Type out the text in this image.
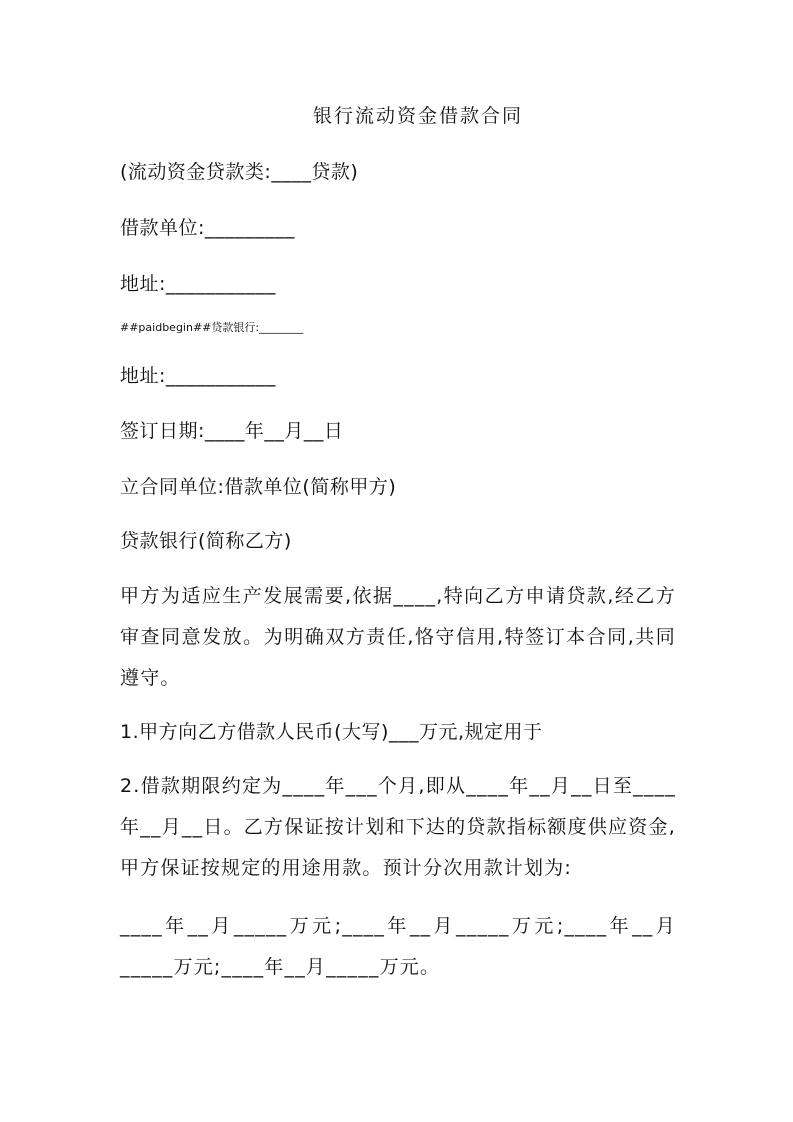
银行流动资金借款合同
(流动资金贷款类:____贷款)
借款单位:_________
地址:___________
##paidbegin##贷款银行:________
地址:___________
签订日期:____年__月__日
立合同单位:借款单位(简称甲方)
贷款银行(简称乙方)
甲方为适应生产发展需要,依据____,特向乙方申请贷款,经乙方审查同意发放。为明确双方责任,恪守信用,特签订本合同,共同遵守。
1.甲方向乙方借款人民币(大写)___万元,规定用于
2.借款期限约定为____年___个月,即从____年__月__日至____年__月__日。乙方保证按计划和下达的贷款指标额度供应资金,甲方保证按规定的用途用款。预计分次用款计划为:
____年__月_____万元;____年__月_____万元;____年__月_____万元;____年__月_____万元。
